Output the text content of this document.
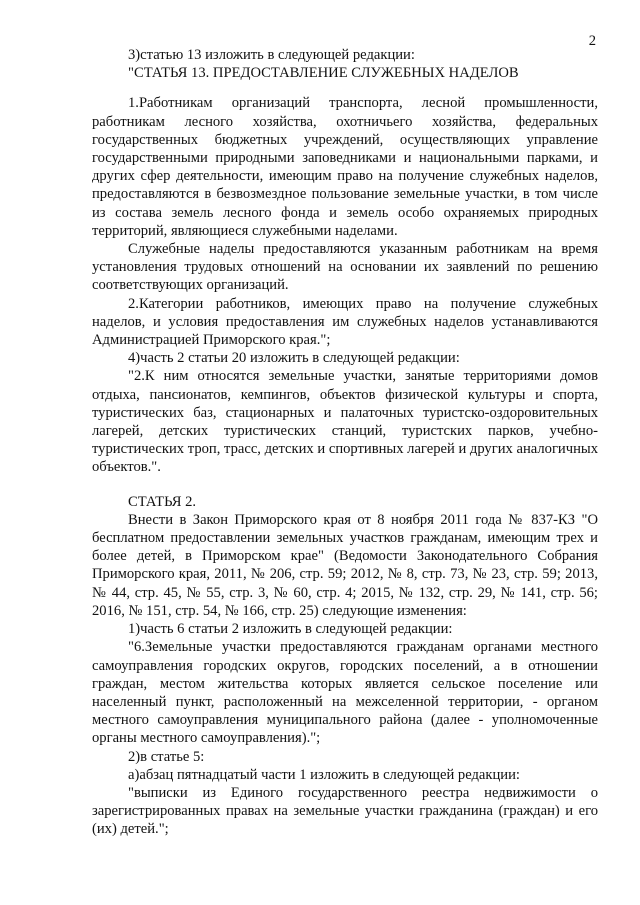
2

3)статью 13 изложить в следующей редакции:

"СТАТЬЯ 13. ПРЕДОСТАВЛЕНИЕ СЛУЖЕБНЫХ НАДЕЛОВ

1.Работникам организаций транспорта, лесной промышленности, работникам лесного хозяйства, охотничьего хозяйства, федеральных государственных бюджетных учреждений, осуществляющих управление государственными природными заповедниками и национальными парками, и других сфер деятельности, имеющим право на получение служебных наделов, предоставляются в безвозмездное пользование земельные участки, в том числе из состава земель лесного фонда и земель особо охраняемых природных территорий, являющиеся служебными наделами.

Служебные наделы предоставляются указанным работникам на время установления трудовых отношений на основании их заявлений по решению соответствующих организаций.

2.Категории работников, имеющих право на получение служебных наделов, и условия предоставления им служебных наделов устанавливаются Администрацией Приморского края.";

4)часть 2 статьи 20 изложить в следующей редакции:

"2.К ним относятся земельные участки, занятые территориями домов отдыха, пансионатов, кемпингов, объектов физической культуры и спорта, туристических баз, стационарных и палаточных туристско-оздоровительных лагерей, детских туристических станций, туристских парков, учебно-туристических троп, трасс, детских и спортивных лагерей и других аналогичных объектов.".

СТАТЬЯ 2.

Внести в Закон Приморского края от 8 ноября 2011 года № 837-КЗ "О бесплатном предоставлении земельных участков гражданам, имеющим трех и более детей, в Приморском крае" (Ведомости Законодательного Собрания Приморского края, 2011, № 206, стр. 59; 2012, № 8, стр. 73, № 23, стр. 59; 2013, № 44, стр. 45, № 55, стр. 3, № 60, стр. 4; 2015, № 132, стр. 29, № 141, стр. 56; 2016, № 151, стр. 54, № 166, стр. 25) следующие изменения:

1)часть 6 статьи 2 изложить в следующей редакции:

"6.Земельные участки предоставляются гражданам органами местного самоуправления городских округов, городских поселений, а в отношении граждан, местом жительства которых является сельское поселение или населенный пункт, расположенный на межселенной территории, - органом местного самоуправления муниципального района (далее - уполномоченные органы местного самоуправления).";

2)в статье 5:

а)абзац пятнадцатый части 1 изложить в следующей редакции:

"выписки из Единого государственного реестра недвижимости о зарегистрированных правах на земельные участки гражданина (граждан) и его (их) детей.";
